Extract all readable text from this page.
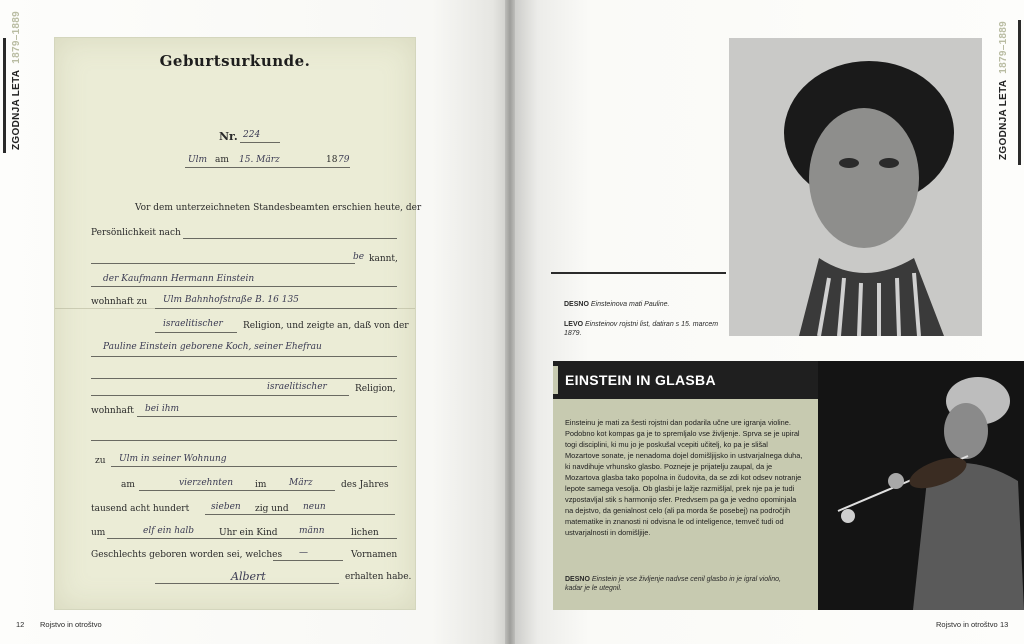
ZGODNJA LETA1879–1889	Geburtsurkunde.
Nr. 224
Ulm am 15. März	18 79
Vor dem unterzeichneten Standesbeamten erschien heute, der
Persönlichkeit nach
be kannt,
der Kaufmann Hermann Einstein
wohnhaft zu Ulm Bahnhofstraße B. 16 135
israelitischer Religion, und zeigte an, daß von der
Pauline Einstein geborene Koch, seiner Ehefrau
israelitischer	Religion,
wohnhaft bei ihm
zu Ulm in seiner Wohnung
am	vierzehnten im	März	des Jahres
tausend acht hundert sieben zig und neun
um	elf ein halb	Uhr ein Kind männ	lichen
Geschlechts geboren worden sei, welches —	Vornamen
Albert	erhalten habe.
12 Rojstvo in otroštvo
ZGODNJA LETA1879–1889
DESNO Einsteinova mati Pauline.
LEVO Einsteinov rojstni list, datiran s 15. marcem 1879.
EINSTEIN IN GLASBA
Einsteinu je mati za šesti rojstni dan podarila učne ure igranja violine. Podobno kot kompas ga je to spremljalo vse življenje. Sprva se je upiral togi disciplini, ki mu jo je poskušal vcepiti učitelj, ko pa je slišal Mozartove sonate, je nenadoma dojel domišljijsko in ustvarjalnega duha, ki navdihuje vrhunsko glasbo. Pozneje je prijatelju zaupal, da je Mozartova glasba tako popolna in čudovita, da se zdi kot odsev notranje lepote samega vesolja. Ob glasbi je lažje razmišljal, prek nje pa je tudi vzpostavljal stik s harmonijo sfer. Predvsem pa ga je vedno opominjala na dejstvo, da genialnost celo (ali pa morda še posebej) na področjih matematike in znanosti ni odvisna le od inteligence, temveč tudi od ustvarjalnosti in domišljije.
DESNO Einstein je vse življenje nadvse cenil glasbo in je igral violino, kadar je le utegnil.
Rojstvo in otroštvo 13
